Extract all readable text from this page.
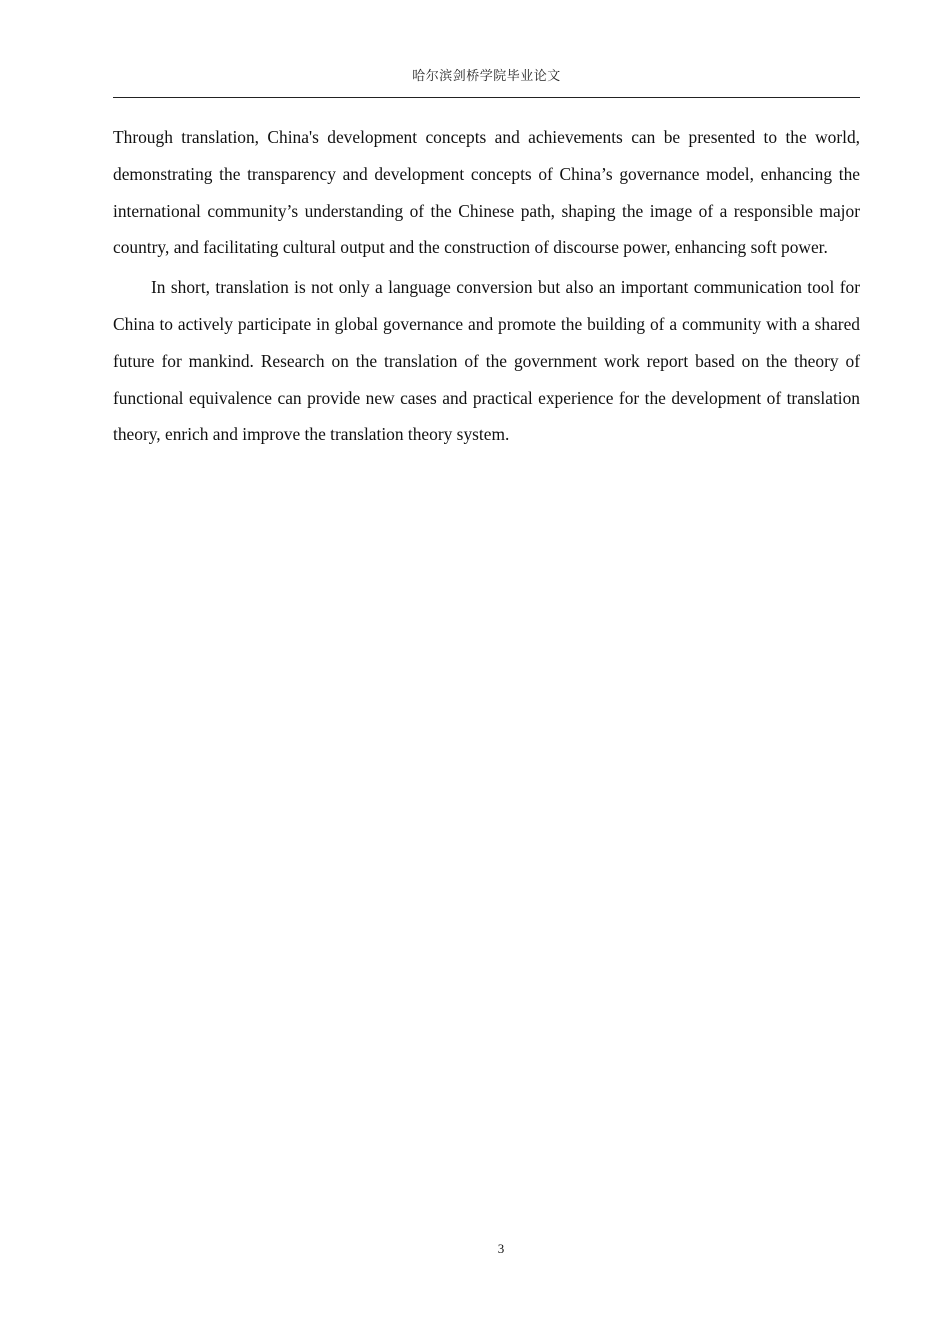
哈尔滨剑桥学院毕业论文

Through translation, China's development concepts and achievements can be presented to the world, demonstrating the transparency and development concepts of China’s governance model, enhancing the international community’s understanding of the Chinese path, shaping the image of a responsible major country, and facilitating cultural output and the construction of discourse power, enhancing soft power.

In short, translation is not only a language conversion but also an important communication tool for China to actively participate in global governance and promote the building of a community with a shared future for mankind. Research on the translation of the government work report based on the theory of functional equivalence can provide new cases and practical experience for the development of translation theory, enrich and improve the translation theory system.

3
